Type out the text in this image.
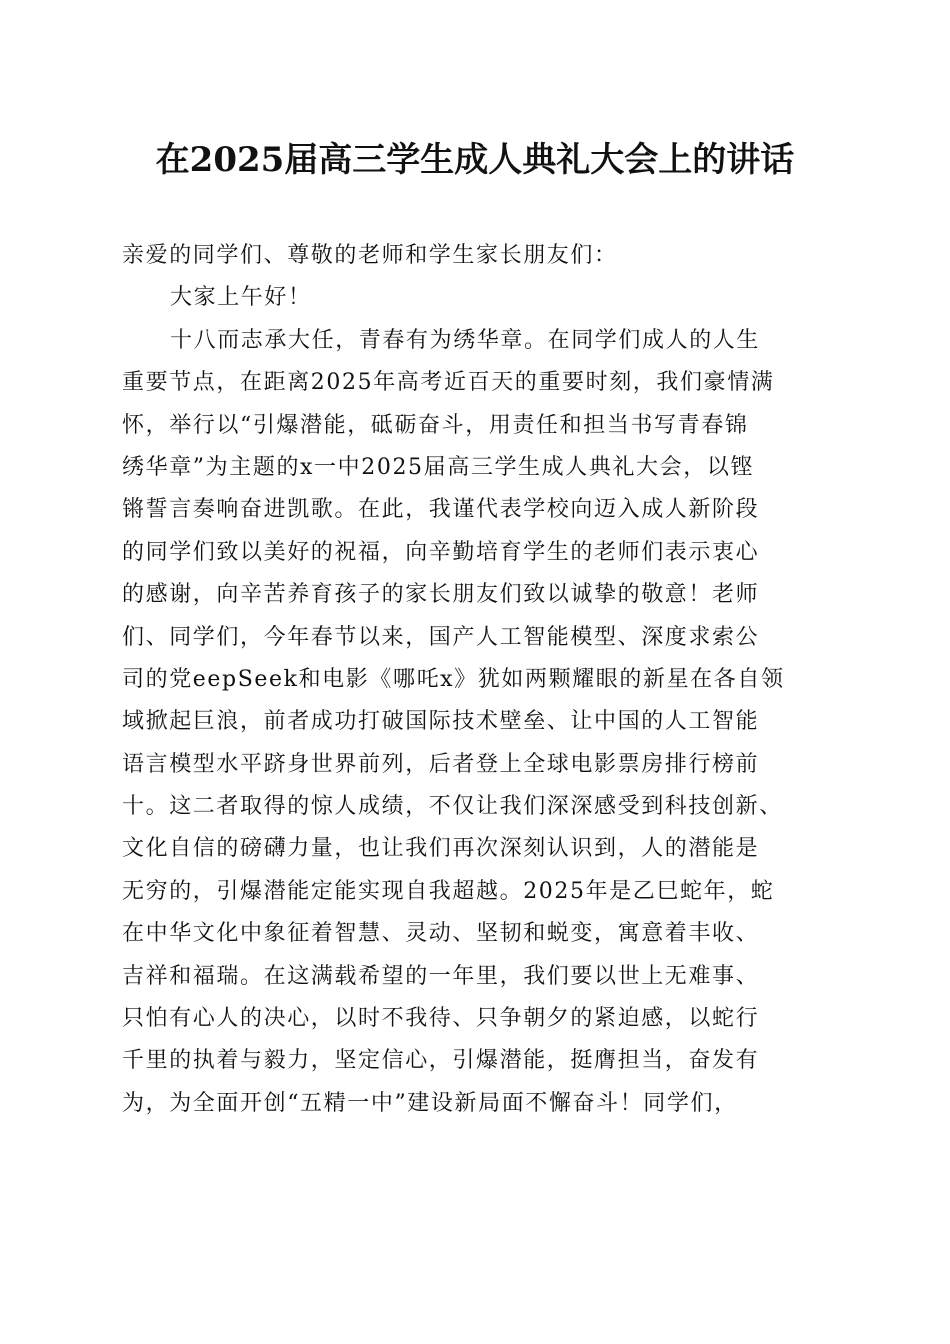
在2025届高三学生成人典礼大会上的讲话
亲爱的同学们、尊敬的老师和学生家长朋友们：
大家上午好！
十八而志承大任，青春有为绣华章。在同学们成人的人生
重要节点，在距离2025年高考近百天的重要时刻，我们豪情满
怀，举行以“引爆潜能，砥砺奋斗，用责任和担当书写青春锦
绣华章”为主题的x一中2025届高三学生成人典礼大会，以铿
锵誓言奏响奋进凯歌。在此，我谨代表学校向迈入成人新阶段
的同学们致以美好的祝福，向辛勤培育学生的老师们表示衷心
的感谢，向辛苦养育孩子的家长朋友们致以诚挚的敬意！老师
们、同学们，今年春节以来，国产人工智能模型、深度求索公
司的党eepSeek和电影《哪吒x》犹如两颗耀眼的新星在各自领
域掀起巨浪，前者成功打破国际技术壁垒、让中国的人工智能
语言模型水平跻身世界前列，后者登上全球电影票房排行榜前
十。这二者取得的惊人成绩，不仅让我们深深感受到科技创新、
文化自信的磅礴力量，也让我们再次深刻认识到，人的潜能是
无穷的，引爆潜能定能实现自我超越。2025年是乙巳蛇年，蛇
在中华文化中象征着智慧、灵动、坚韧和蜕变，寓意着丰收、
吉祥和福瑞。在这满载希望的一年里，我们要以世上无难事、
只怕有心人的决心，以时不我待、只争朝夕的紧迫感，以蛇行
千里的执着与毅力，坚定信心，引爆潜能，挺膺担当，奋发有
为，为全面开创“五精一中”建设新局面不懈奋斗！同学们，
